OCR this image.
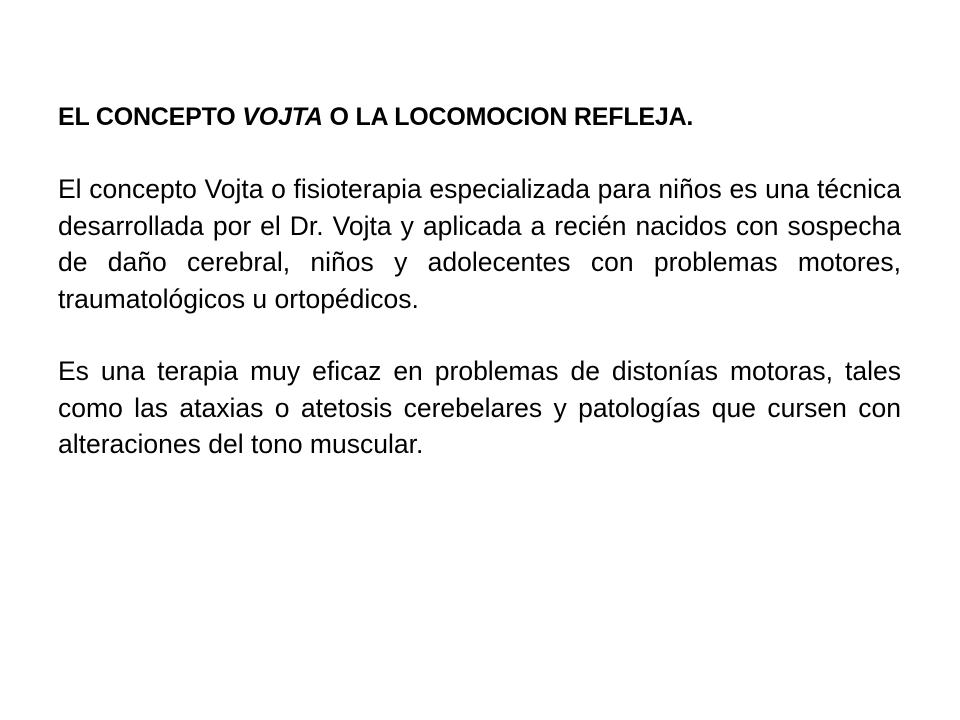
EL CONCEPTO VOJTA O LA LOCOMOCION REFLEJA.

El concepto Vojta o fisioterapia especializada para niños es una técnica desarrollada por el Dr. Vojta y aplicada a recién nacidos con sospecha de daño cerebral, niños y adolecentes con problemas motores, traumatológicos u ortopédicos.

Es una terapia muy eficaz en problemas de distonías motoras, tales como las ataxias o atetosis cerebelares y patologías que cursen con alteraciones del tono muscular.
